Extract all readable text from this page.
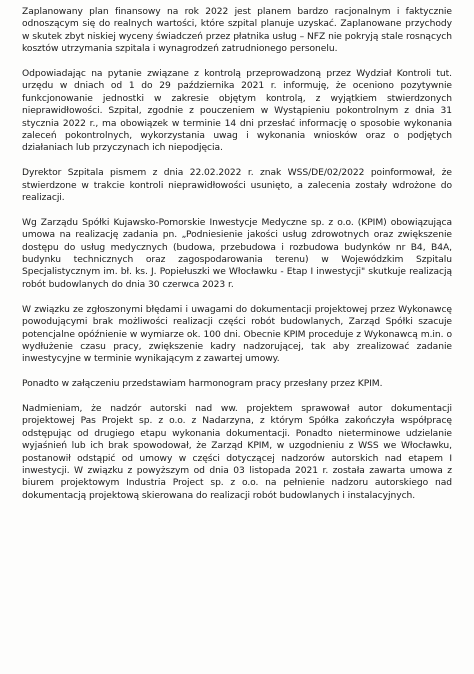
Zaplanowany plan finansowy na rok 2022 jest planem bardzo racjonalnym i faktycznie odnoszącym się do realnych wartości, które szpital planuje uzyskać. Zaplanowane przychody w skutek zbyt niskiej wyceny świadczeń przez płatnika usług – NFZ nie pokryją stale rosnących kosztów utrzymania szpitala i wynagrodzeń zatrudnionego personelu.

Odpowiadając na pytanie związane z kontrolą przeprowadzoną przez Wydział Kontroli tut. urzędu w dniach od 1 do 29 października 2021 r. informuję, że oceniono pozytywnie funkcjonowanie jednostki w zakresie objętym kontrolą, z wyjątkiem stwierdzonych nieprawidłowości. Szpital, zgodnie z pouczeniem w Wystąpieniu pokontrolnym z dnia 31 stycznia 2022 r., ma obowiązek w terminie 14 dni przesłać informację o sposobie wykonania zaleceń pokontrolnych, wykorzystania uwag i wykonania wniosków oraz o podjętych działaniach lub przyczynach ich niepodjęcia.

Dyrektor Szpitala pismem z dnia 22.02.2022 r. znak WSS/DE/02/2022 poinformował, że stwierdzone w trakcie kontroli nieprawidłowości usunięto, a zalecenia zostały wdrożone do realizacji.

Wg Zarządu Spółki Kujawsko-Pomorskie Inwestycje Medyczne sp. z o.o. (KPIM) obowiązująca umowa na realizację zadania pn. „Podniesienie jakości usług zdrowotnych oraz zwiększenie dostępu do usług medycznych (budowa, przebudowa i rozbudowa budynków nr B4, B4A, budynku technicznych oraz zagospodarowania terenu) w Wojewódzkim Szpitalu Specjalistycznym im. bł. ks. J. Popiełuszki we Włocławku - Etap I inwestycji" skutkuje realizacją robót budowlanych do dnia 30 czerwca 2023 r.

W związku ze zgłoszonymi błędami i uwagami do dokumentacji projektowej przez Wykonawcę powodującymi brak możliwości realizacji części robót budowlanych, Zarząd Spółki szacuje potencjalne opóźnienie w wymiarze ok. 100 dni. Obecnie KPIM proceduje z Wykonawcą m.in. o wydłużenie czasu pracy, zwiększenie kadry nadzorującej, tak aby zrealizować zadanie inwestycyjne w terminie wynikającym z zawartej umowy.

Ponadto w załączeniu przedstawiam harmonogram pracy przesłany przez KPIM.

Nadmieniam, że nadzór autorski nad ww. projektem sprawował autor dokumentacji projektowej Pas Projekt sp. z o.o. z Nadarzyna, z którym Spółka zakończyła współpracę odstępując od drugiego etapu wykonania dokumentacji. Ponadto nieterminowe udzielanie wyjaśnień lub ich brak spowodował, że Zarząd KPIM, w uzgodnieniu z WSS we Włocławku, postanowił odstąpić od umowy w części dotyczącej nadzorów autorskich nad etapem I inwestycji. W związku z powyższym od dnia 03 listopada 2021 r. została zawarta umowa z biurem projektowym Industria Project sp. z o.o. na pełnienie nadzoru autorskiego nad dokumentacją projektową skierowana do realizacji robót budowlanych i instalacyjnych.
